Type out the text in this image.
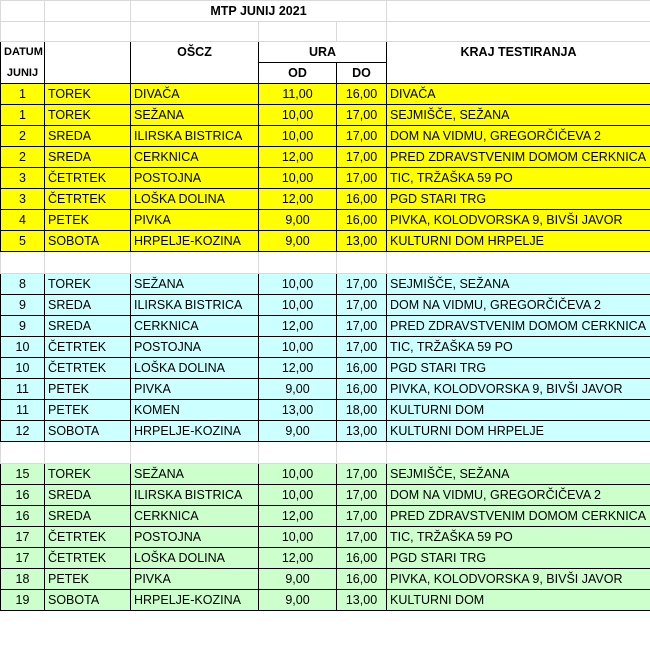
		MTP JUNIJ 2021			

DATUM		OŠCZ	URA		KRAJ TESTIRANJA
JUNIJ			OD	DO	
1	TOREK	DIVAČA	11,00	16,00	DIVAČA
1	TOREK	SEŽANA	10,00	17,00	SEJMIŠČE, SEŽANA
2	SREDA	ILIRSKA BISTRICA	10,00	17,00	DOM NA VIDMU, GREGORČIČEVA 2
2	SREDA	CERKNICA	12,00	17,00	PRED ZDRAVSTVENIM DOMOM CERKNICA
3	ČETRTEK	POSTOJNA	10,00	17,00	TIC, TRŽAŠKA 59 PO
3	ČETRTEK	LOŠKA DOLINA	12,00	16,00	PGD STARI TRG
4	PETEK	PIVKA	9,00	16,00	PIVKA, KOLODVORSKA 9, BIVŠI JAVOR
5	SOBOTA	HRPELJE-KOZINA	9,00	13,00	KULTURNI DOM HRPELJE

8	TOREK	SEŽANA	10,00	17,00	SEJMIŠČE, SEŽANA
9	SREDA	ILIRSKA BISTRICA	10,00	17,00	DOM NA VIDMU, GREGORČIČEVA 2
9	SREDA	CERKNICA	12,00	17,00	PRED ZDRAVSTVENIM DOMOM CERKNICA
10	ČETRTEK	POSTOJNA	10,00	17,00	TIC, TRŽAŠKA 59 PO
10	ČETRTEK	LOŠKA DOLINA	12,00	16,00	PGD STARI TRG
11	PETEK	PIVKA	9,00	16,00	PIVKA, KOLODVORSKA 9, BIVŠI JAVOR
11	PETEK	KOMEN	13,00	18,00	KULTURNI DOM
12	SOBOTA	HRPELJE-KOZINA	9,00	13,00	KULTURNI DOM HRPELJE

15	TOREK	SEŽANA	10,00	17,00	SEJMIŠČE, SEŽANA
16	SREDA	ILIRSKA BISTRICA	10,00	17,00	DOM NA VIDMU, GREGORČIČEVA 2
16	SREDA	CERKNICA	12,00	17,00	PRED ZDRAVSTVENIM DOMOM CERKNICA
17	ČETRTEK	POSTOJNA	10,00	17,00	TIC, TRŽAŠKA 59 PO
17	ČETRTEK	LOŠKA DOLINA	12,00	16,00	PGD STARI TRG
18	PETEK	PIVKA	9,00	16,00	PIVKA, KOLODVORSKA 9, BIVŠI JAVOR
19	SOBOTA	HRPELJE-KOZINA	9,00	13,00	KULTURNI DOM
